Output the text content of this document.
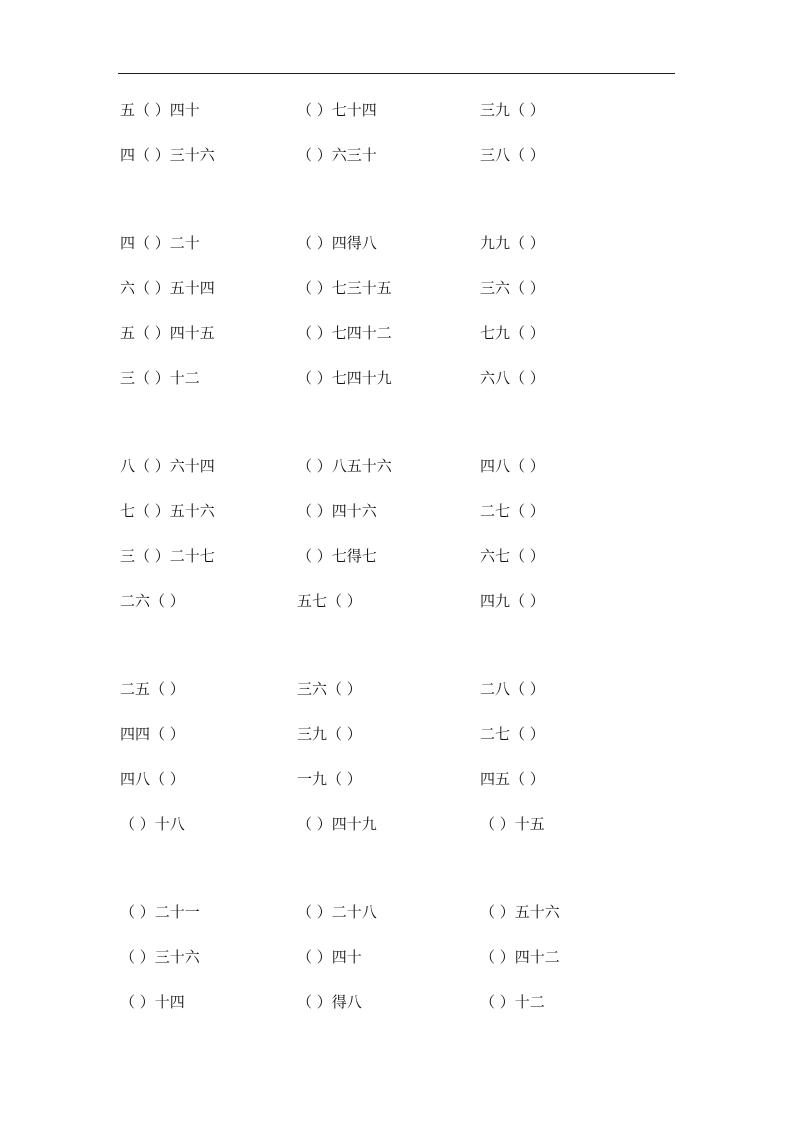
五（ ）四十	（ ）七十四	三九（ ）
四（ ）三十六	（ ）六三十	三八（ ）
四（ ）二十	（ ）四得八	九九（ ）
六（ ）五十四	（ ）七三十五	三六（ ）
五（ ）四十五	（ ）七四十二	七九（ ）
三（ ）十二	（ ）七四十九	六八（ ）
八（ ）六十四	（ ）八五十六	四八（ ）
七（ ）五十六	（ ）四十六	二七（ ）
三（ ）二十七	（ ）七得七	六七（ ）
二六（ ）	五七（ ）	四九（ ）
二五（ ）	三六（ ）	二八（ ）
四四（ ）	三九（ ）	二七（ ）
四八（ ）	一九（ ）	四五（ ）
（ ）十八	（ ）四十九	（ ）十五
（ ）二十一	（ ）二十八	（ ）五十六
（ ）三十六	（ ）四十	（ ）四十二
（ ）十四	（ ）得八	（ ）十二
